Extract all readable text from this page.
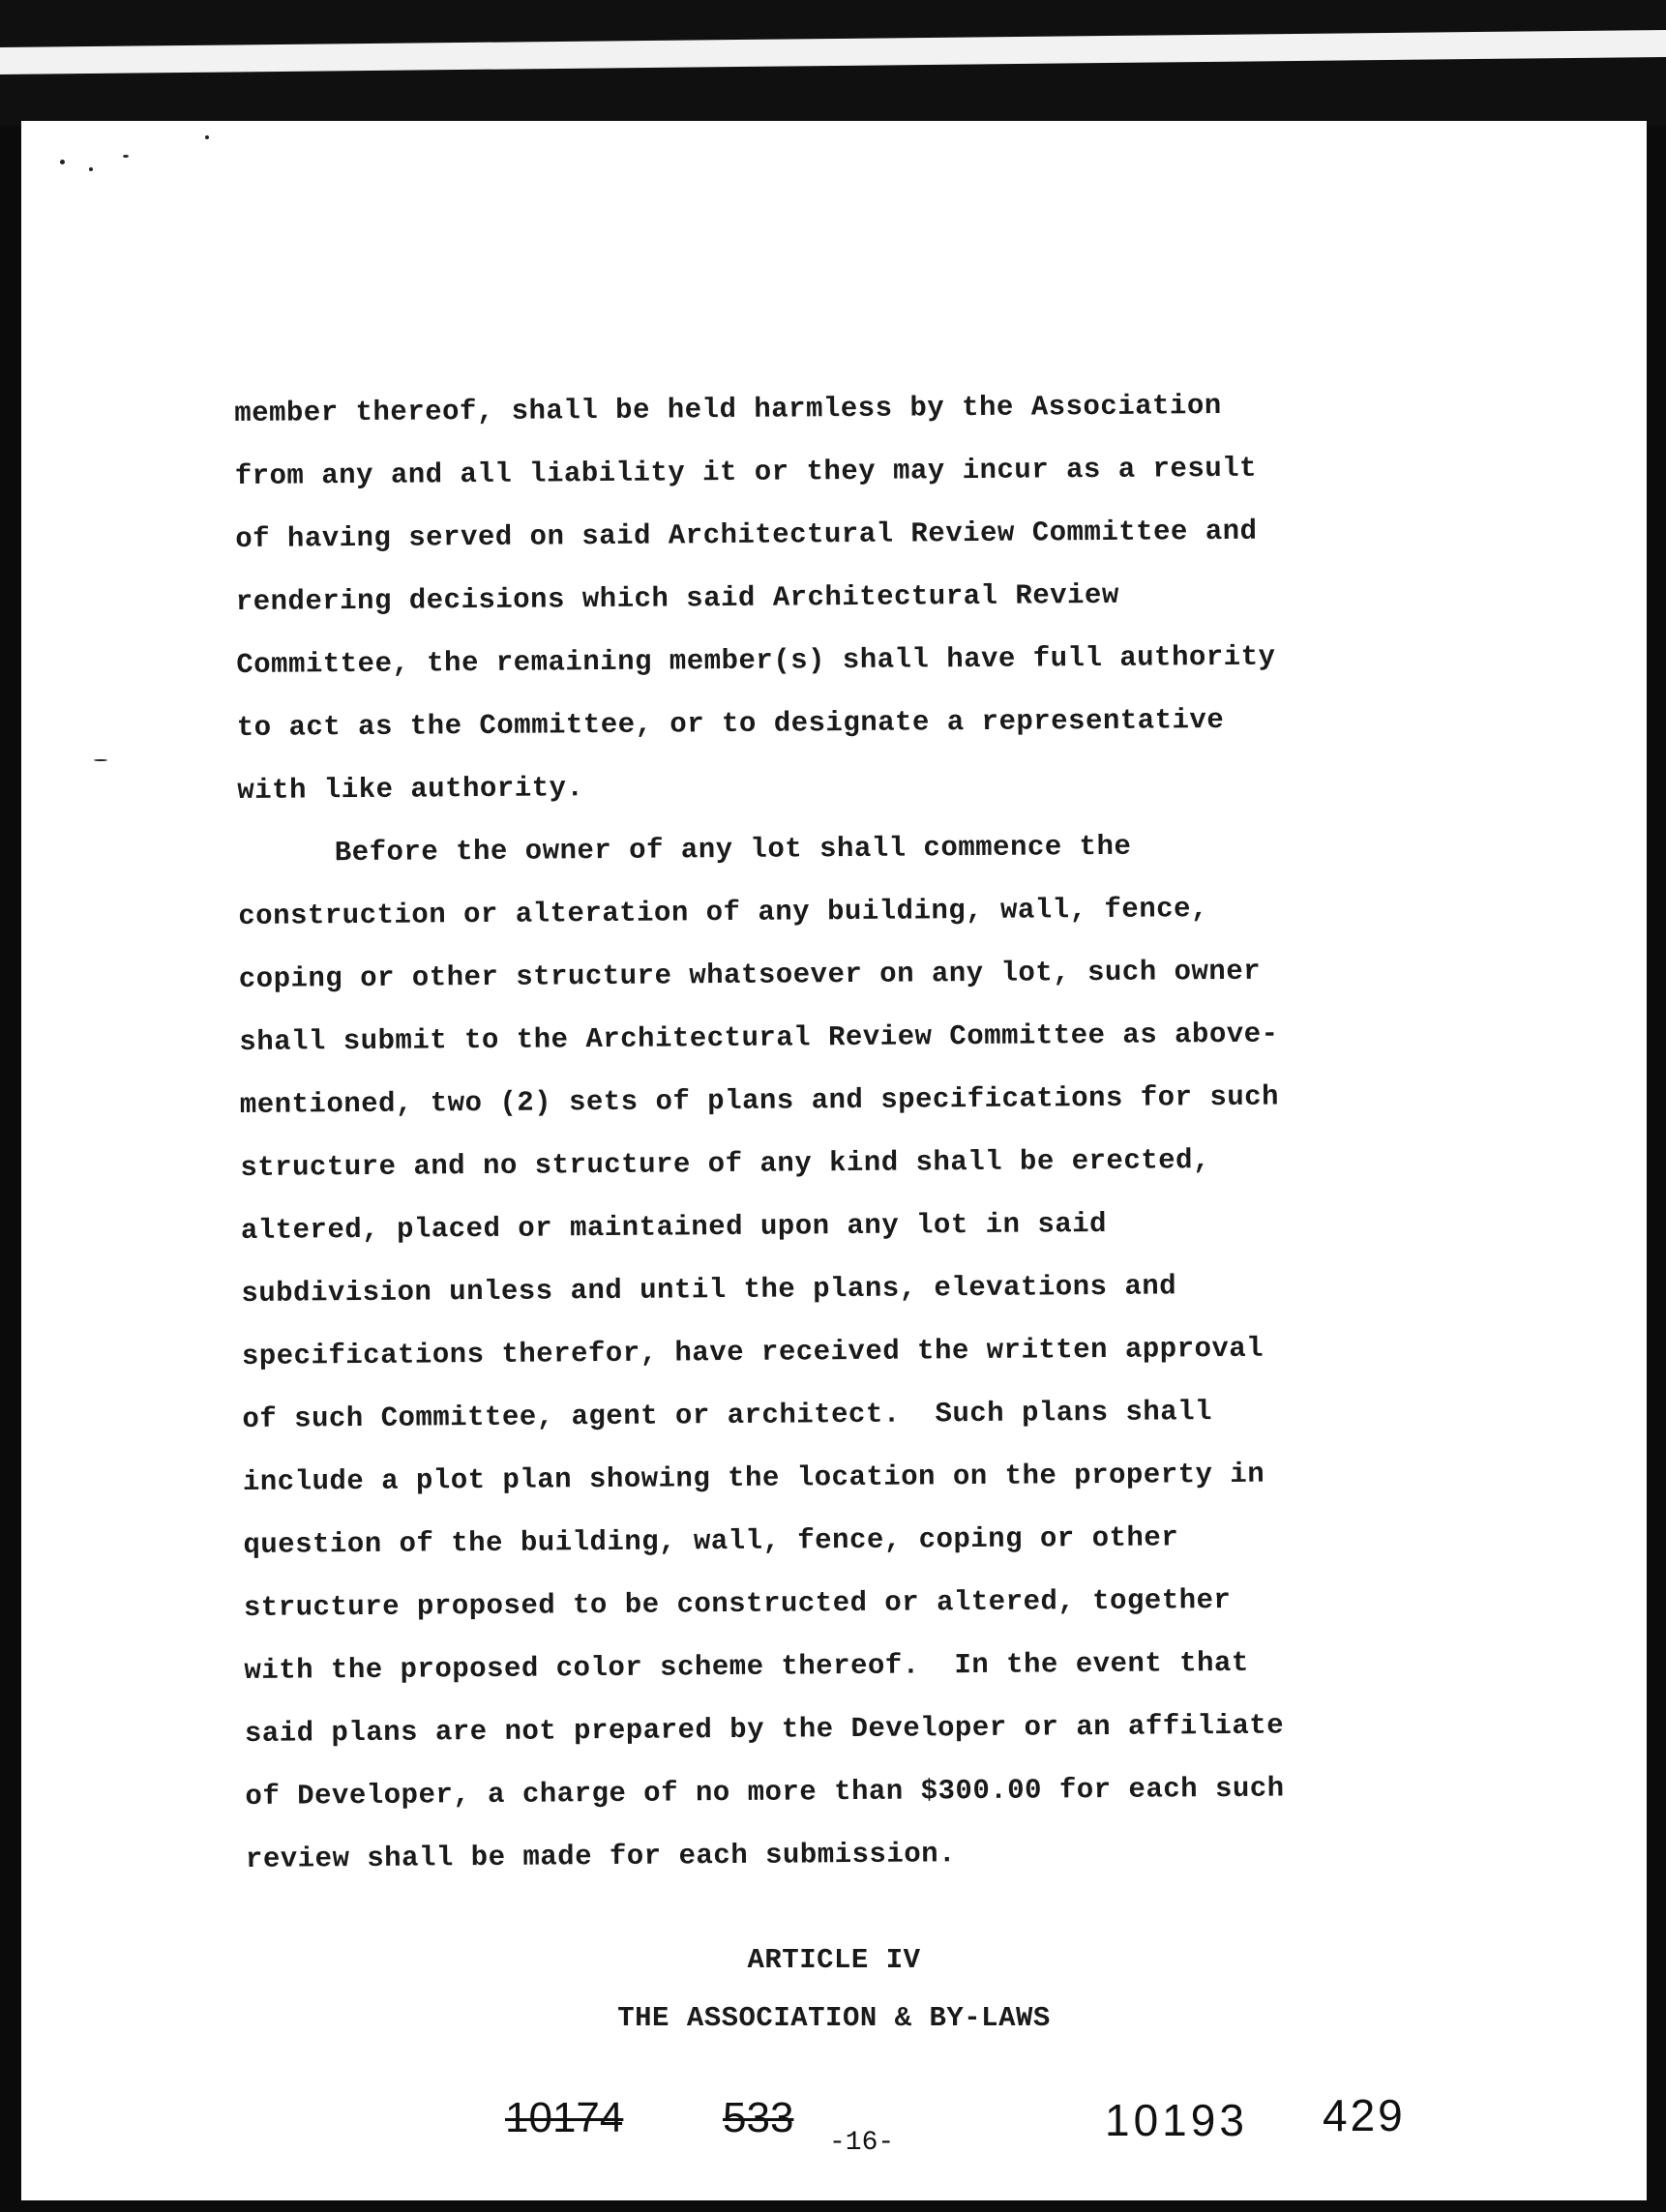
member thereof, shall be held harmless by the Association
from any and all liability it or they may incur as a result
of having served on said Architectural Review Committee and
rendering decisions which said Architectural Review
Committee, the remaining member(s) shall have full authority
to act as the Committee, or to designate a representative
with like authority.
Before the owner of any lot shall commence the
construction or alteration of any building, wall, fence,
coping or other structure whatsoever on any lot, such owner
shall submit to the Architectural Review Committee as above-
mentioned, two (2) sets of plans and specifications for such
structure and no structure of any kind shall be erected,
altered, placed or maintained upon any lot in said
subdivision unless and until the plans, elevations and
specifications therefor, have received the written approval
of such Committee, agent or architect.  Such plans shall
include a plot plan showing the location on the property in
question of the building, wall, fence, coping or other
structure proposed to be constructed or altered, together
with the proposed color scheme thereof.  In the event that
said plans are not prepared by the Developer or an affiliate
of Developer, a charge of no more than $300.00 for each such
review shall be made for each submission.
ARTICLE IV
THE ASSOCIATION & BY-LAWS
10174 533
-16-	10193 429
